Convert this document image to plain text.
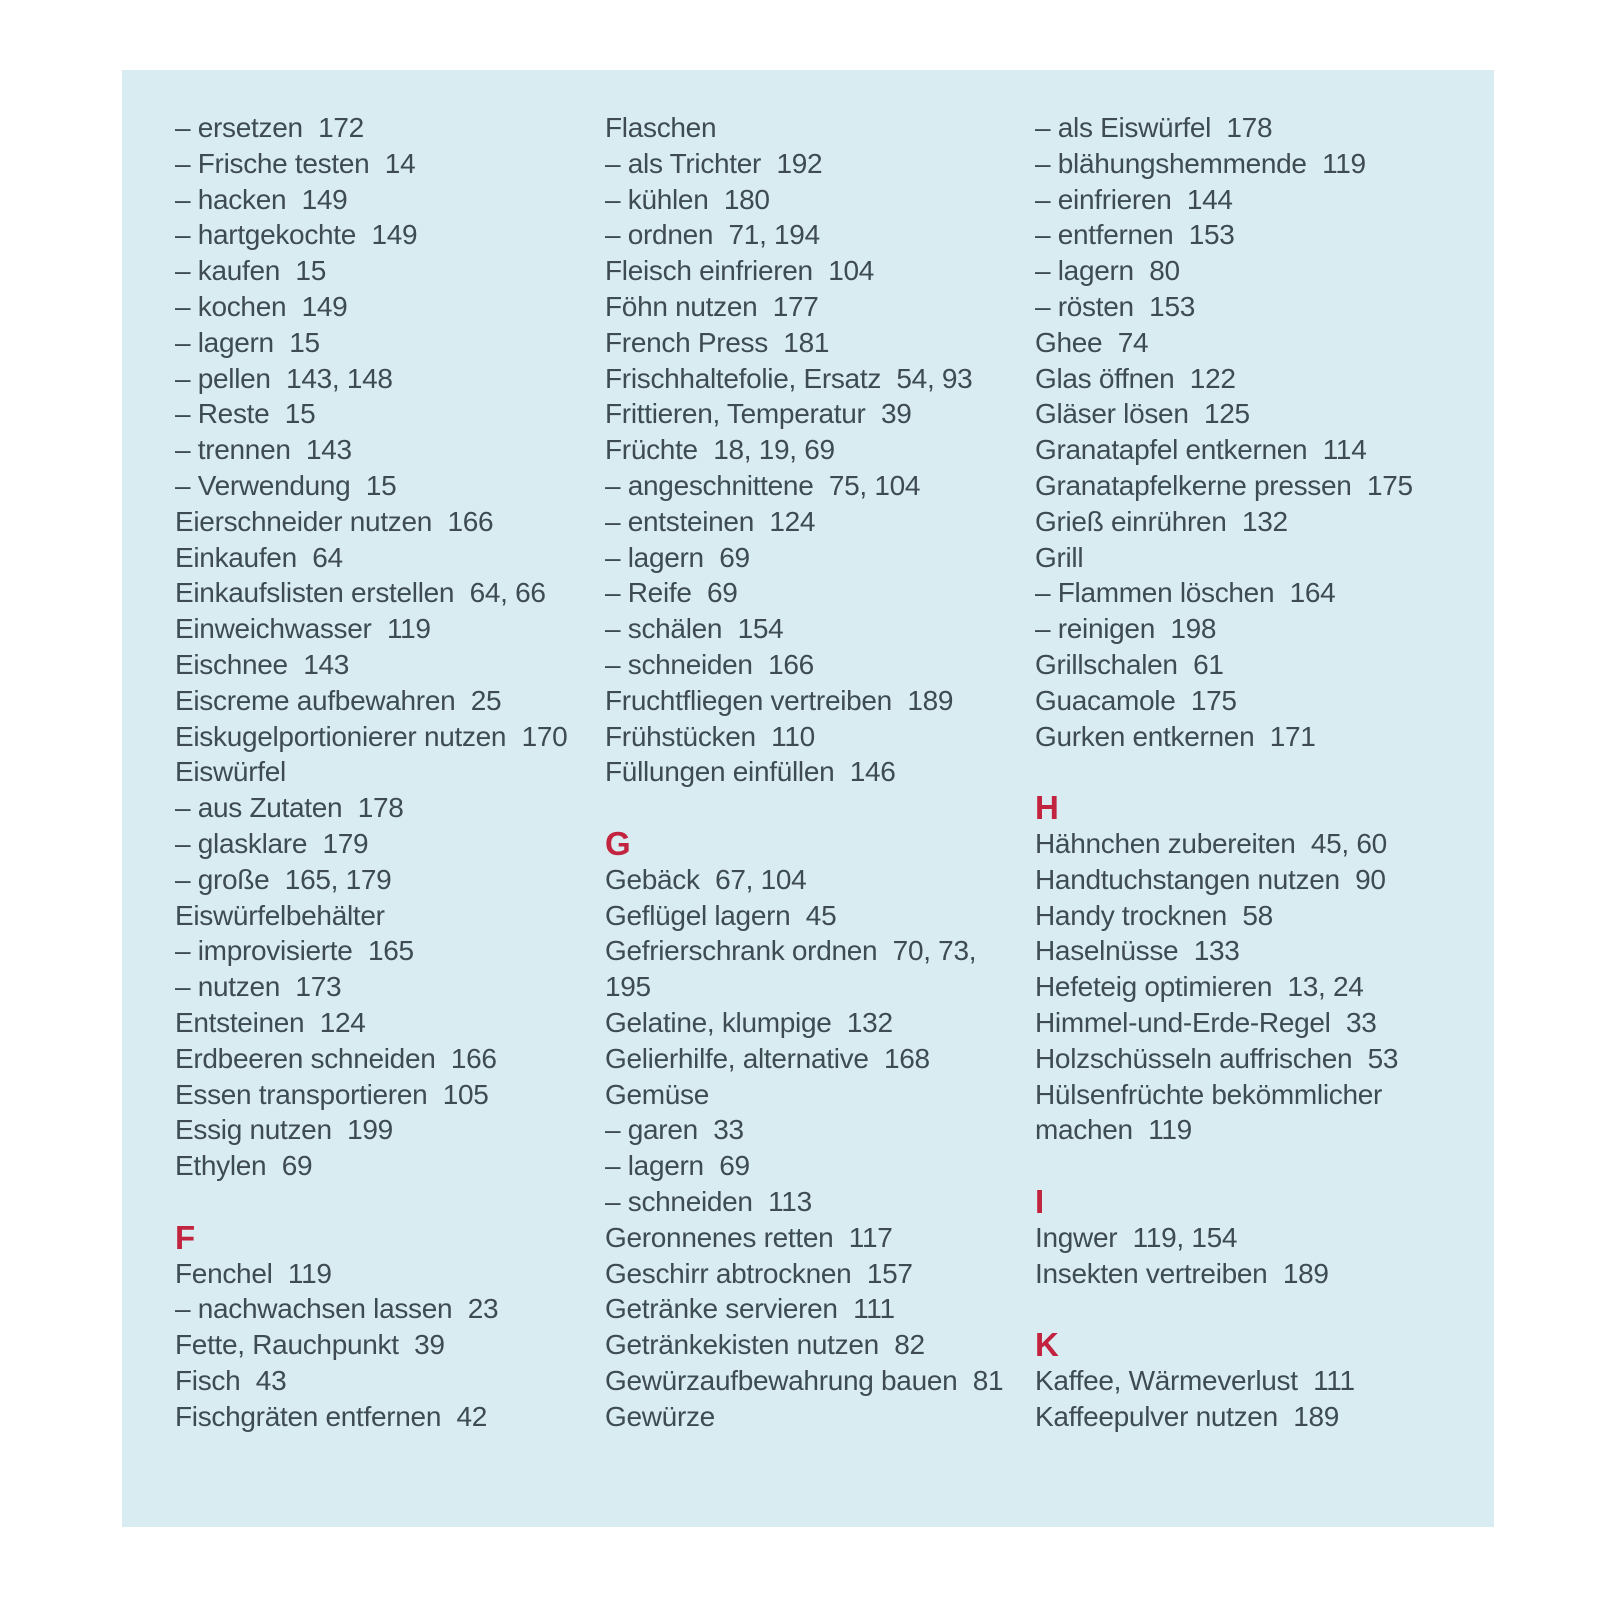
– ersetzen 172
– Frische testen 14
– hacken 149
– hartgekochte 149
– kaufen 15
– kochen 149
– lagern 15
– pellen 143, 148
– Reste 15
– trennen 143
– Verwendung 15
Eierschneider nutzen 166
Einkaufen 64
Einkaufslisten erstellen 64, 66
Einweichwasser 119
Eischnee 143
Eiscreme aufbewahren 25
Eiskugelportionierer nutzen 170
Eiswürfel
– aus Zutaten 178
– glasklare 179
– große 165, 179
Eiswürfelbehälter
– improvisierte 165
– nutzen 173
Entsteinen 124
Erdbeeren schneiden 166
Essen transportieren 105
Essig nutzen 199
Ethylen 69
F
Fenchel 119
– nachwachsen lassen 23
Fette, Rauchpunkt 39
Fisch 43
Fischgräten entfernen 42
Flaschen
– als Trichter 192
– kühlen 180
– ordnen 71, 194
Fleisch einfrieren 104
Föhn nutzen 177
French Press 181
Frischhaltefolie, Ersatz 54, 93
Frittieren, Temperatur 39
Früchte 18, 19, 69
– angeschnittene 75, 104
– entsteinen 124
– lagern 69
– Reife 69
– schälen 154
– schneiden 166
Fruchtfliegen vertreiben 189
Frühstücken 110
Füllungen einfüllen 146
G
Gebäck 67, 104
Geflügel lagern 45
Gefrierschrank ordnen 70, 73,
195
Gelatine, klumpige 132
Gelierhilfe, alternative 168
Gemüse
– garen 33
– lagern 69
– schneiden 113
Geronnenes retten 117
Geschirr abtrocknen 157
Getränke servieren 111
Getränkekisten nutzen 82
Gewürzaufbewahrung bauen 81
Gewürze
– als Eiswürfel 178
– blähungshemmende 119
– einfrieren 144
– entfernen 153
– lagern 80
– rösten 153
Ghee 74
Glas öffnen 122
Gläser lösen 125
Granatapfel entkernen 114
Granatapfelkerne pressen 175
Grieß einrühren 132
Grill
– Flammen löschen 164
– reinigen 198
Grillschalen 61
Guacamole 175
Gurken entkernen 171
H
Hähnchen zubereiten 45, 60
Handtuchstangen nutzen 90
Handy trocknen 58
Haselnüsse 133
Hefeteig optimieren 13, 24
Himmel-und-Erde-Regel 33
Holzschüsseln auffrischen 53
Hülsenfrüchte bekömmlicher
machen 119
I
Ingwer 119, 154
Insekten vertreiben 189
K
Kaffee, Wärmeverlust 111
Kaffeepulver nutzen 189
